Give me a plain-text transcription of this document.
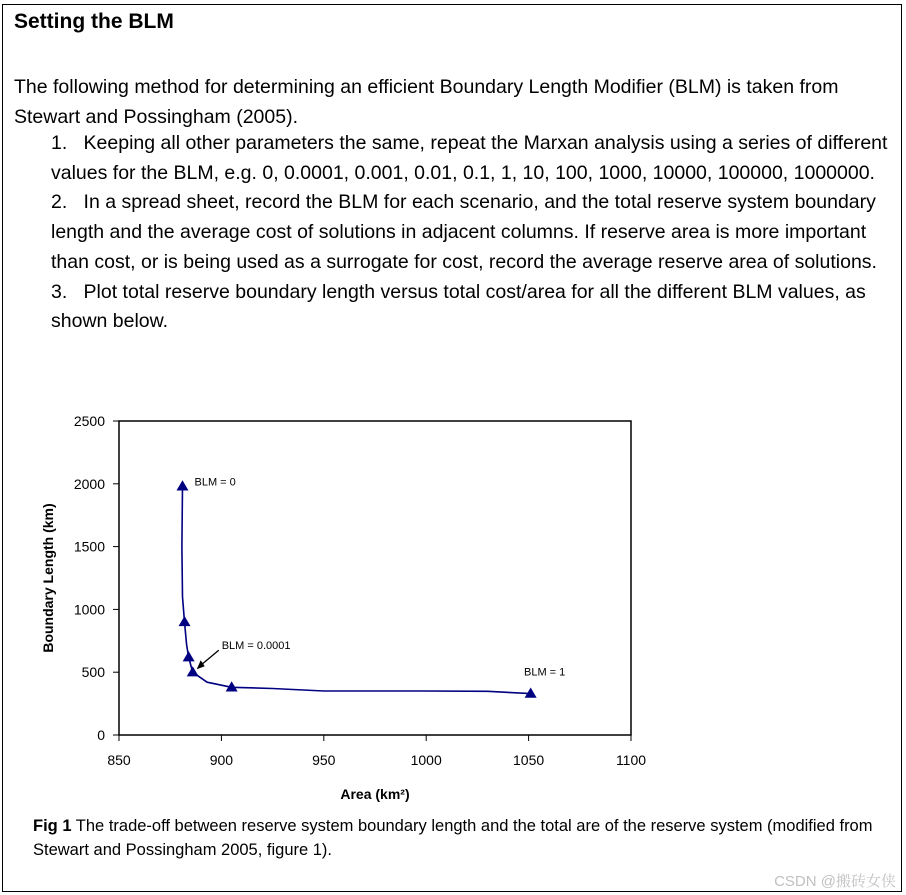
Setting the BLM
The following method for determining an efficient Boundary Length Modifier (BLM) is taken from Stewart and Possingham (2005).
1. Keeping all other parameters the same, repeat the Marxan analysis using a series of different values for the BLM, e.g. 0, 0.0001, 0.001, 0.01, 0.1, 1, 10, 100, 1000, 10000, 100000, 1000000.
2. In a spread sheet, record the BLM for each scenario, and the total reserve system boundary length and the average cost of solutions in adjacent columns. If reserve area is more important than cost, or is being used as a surrogate for cost, record the average reserve area of solutions.
3. Plot total reserve boundary length versus total cost/area for all the different BLM values, as shown below.
0
500
1000
1500
2000
2500
850	900	950	1000	1050	1100
BLM = 0
BLM = 0.0001
BLM = 1
Area (km²)
Boundary Length (km)
Fig 1 The trade-off between reserve system boundary length and the total are of the reserve system (modified from Stewart and Possingham 2005, figure 1).
CSDN @搬砖女侠
